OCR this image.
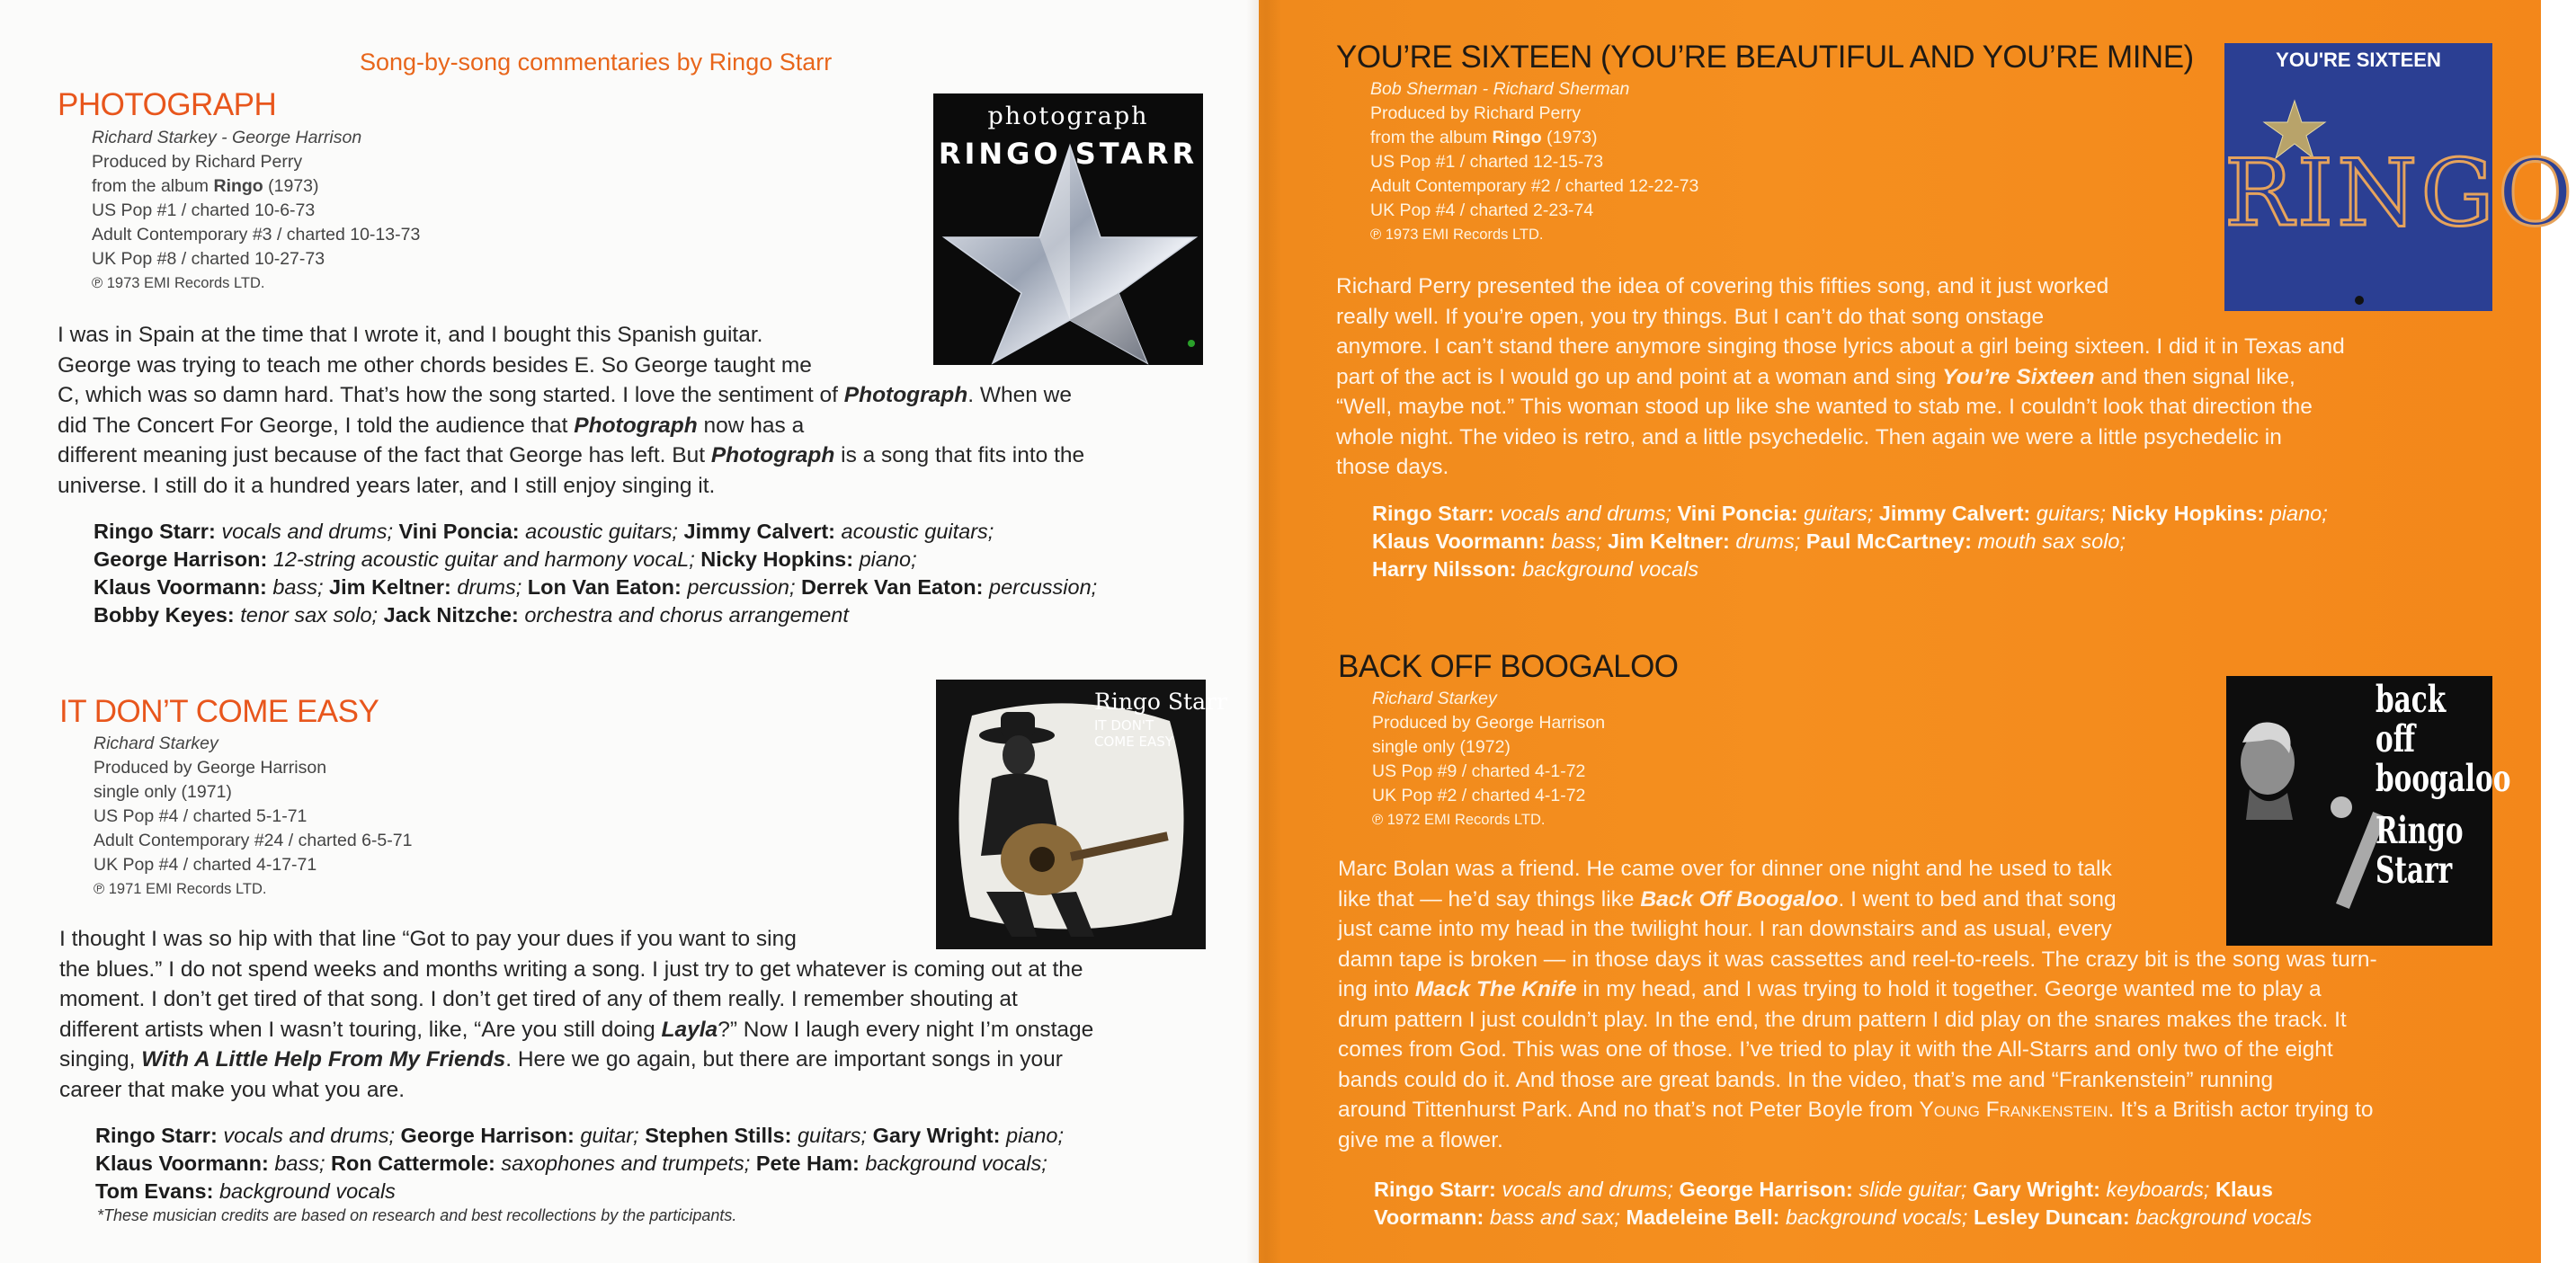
Song-by-song commentaries by Ringo Starr
PHOTOGRAPH
Richard Starkey - George Harrison
Produced by Richard Perry
from the album Ringo (1973)
US Pop #1 / charted 10-6-73
Adult Contemporary #3 / charted 10-13-73
UK Pop #8 / charted 10-27-73
℗ 1973 EMI Records LTD.
photograph
RINGO STARR
I was in Spain at the time that I wrote it, and I bought this Spanish guitar.
George was trying to teach me other chords besides E. So George taught me
C, which was so damn hard. That’s how the song started. I love the sentiment of Photograph. When we
did The Concert For George, I told the audience that Photograph now has a
different meaning just because of the fact that George has left. But Photograph is a song that fits into the
universe. I still do it a hundred years later, and I still enjoy singing it.
Ringo Starr: vocals and drums; Vini Poncia: acoustic guitars; Jimmy Calvert: acoustic guitars;
George Harrison: 12-string acoustic guitar and harmony vocaL; Nicky Hopkins: piano;
Klaus Voormann: bass; Jim Keltner: drums; Lon Van Eaton: percussion; Derrek Van Eaton: percussion;
Bobby Keyes: tenor sax solo; Jack Nitzche: orchestra and chorus arrangement
IT DON’T COME EASY
Richard Starkey
Produced by George Harrison
single only (1971)
US Pop #4 / charted 5-1-71
Adult Contemporary #24 / charted 6-5-71
UK Pop #4 / charted 4-17-71
℗ 1971 EMI Records LTD.
Ringo Starr
IT DON'T COME EASY
I thought I was so hip with that line “Got to pay your dues if you want to sing
the blues.” I do not spend weeks and months writing a song. I just try to get whatever is coming out at the
moment. I don’t get tired of that song. I don’t get tired of any of them really. I remember shouting at
different artists when I wasn’t touring, like, “Are you still doing Layla?” Now I laugh every night I’m onstage
singing, With A Little Help From My Friends. Here we go again, but there are important songs in your
career that make you what you are.
Ringo Starr: vocals and drums; George Harrison: guitar; Stephen Stills: guitars; Gary Wright: piano;
Klaus Voormann: bass; Ron Cattermole: saxophones and trumpets; Pete Ham: background vocals;
Tom Evans: background vocals
*These musician credits are based on research and best recollections by the participants.
YOU’RE SIXTEEN (YOU’RE BEAUTIFUL AND YOU’RE MINE)
Bob Sherman - Richard Sherman
Produced by Richard Perry
from the album Ringo (1973)
US Pop #1 / charted 12-15-73
Adult Contemporary #2 / charted 12-22-73
UK Pop #4 / charted 2-23-74
℗ 1973 EMI Records LTD.
YOU'RE SIXTEEN
RINGO
Richard Perry presented the idea of covering this fifties song, and it just worked
really well. If you’re open, you try things. But I can’t do that song onstage
anymore. I can’t stand there anymore singing those lyrics about a girl being sixteen. I did it in Texas and
part of the act is I would go up and point at a woman and sing You’re Sixteen and then signal like,
“Well, maybe not.” This woman stood up like she wanted to stab me. I couldn’t look that direction the
whole night. The video is retro, and a little psychedelic. Then again we were a little psychedelic in
those days.
Ringo Starr: vocals and drums; Vini Poncia: guitars; Jimmy Calvert: guitars; Nicky Hopkins: piano;
Klaus Voormann: bass; Jim Keltner: drums; Paul McCartney: mouth sax solo;
Harry Nilsson: background vocals
BACK OFF BOOGALOO
Richard Starkey
Produced by George Harrison
single only (1972)
US Pop #9 / charted 4-1-72
UK Pop #2 / charted 4-1-72
℗ 1972 EMI Records LTD.
back
off
boogaloo
Ringo
Starr
Marc Bolan was a friend. He came over for dinner one night and he used to talk
like that — he’d say things like Back Off Boogaloo. I went to bed and that song
just came into my head in the twilight hour. I ran downstairs and as usual, every
damn tape is broken — in those days it was cassettes and reel-to-reels. The crazy bit is the song was turn-
ing into Mack The Knife in my head, and I was trying to hold it together. George wanted me to play a
drum pattern I just couldn’t play. In the end, the drum pattern I did play on the snares makes the track. It
comes from God. This was one of those. I’ve tried to play it with the All-Starrs and only two of the eight
bands could do it. And those are great bands. In the video, that’s me and “Frankenstein” running
around Tittenhurst Park. And no that’s not Peter Boyle from Young Frankenstein. It’s a British actor trying to
give me a flower.
Ringo Starr: vocals and drums; George Harrison: slide guitar; Gary Wright: keyboards; Klaus
Voormann: bass and sax; Madeleine Bell: background vocals; Lesley Duncan: background vocals
